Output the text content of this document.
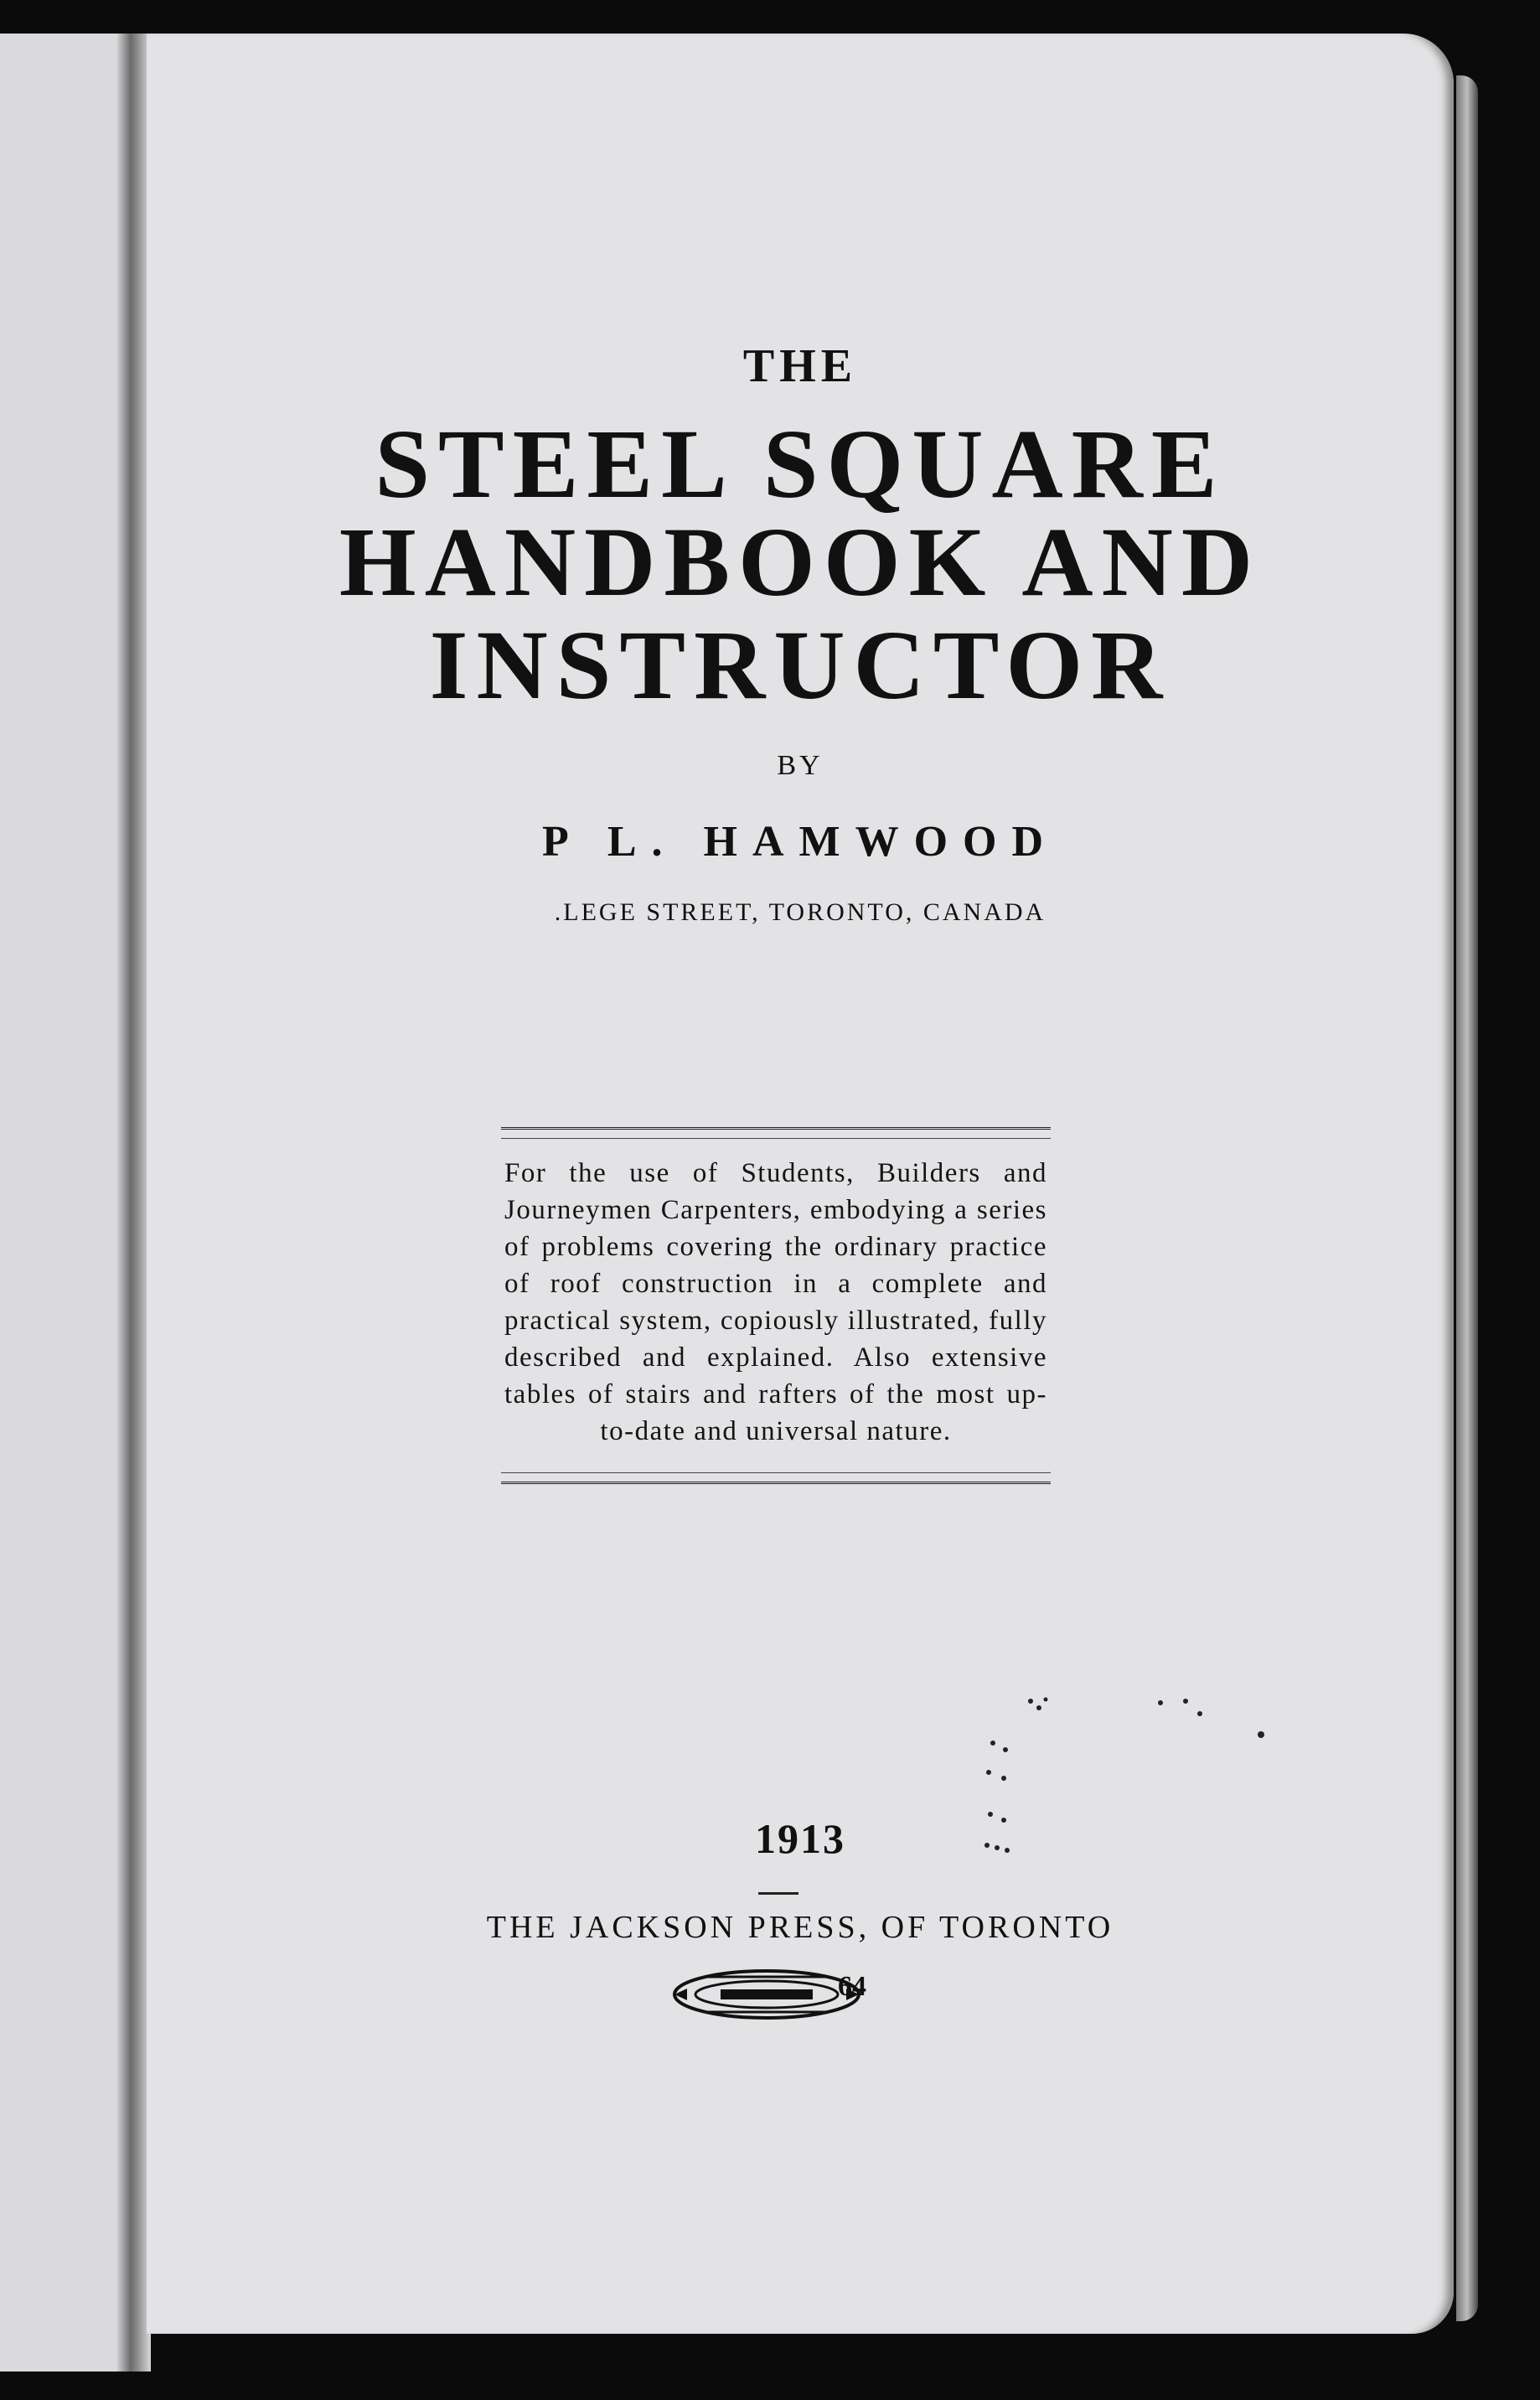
THE
STEEL SQUARE
HANDBOOK AND
INSTRUCTOR
BY
P L. HAMWOOD
.LEGE STREET, TORONTO, CANADA

For the use of Students, Builders and Journeymen Carpenters, embodying a series of problems covering the ordinary practice of roof construction in a complete and practical system, copiously illustrated, fully described and explained. Also extensive tables of stairs and rafters of the most up-to-date and universal nature.

1913
THE JACKSON PRESS, OF TORONTO
64
